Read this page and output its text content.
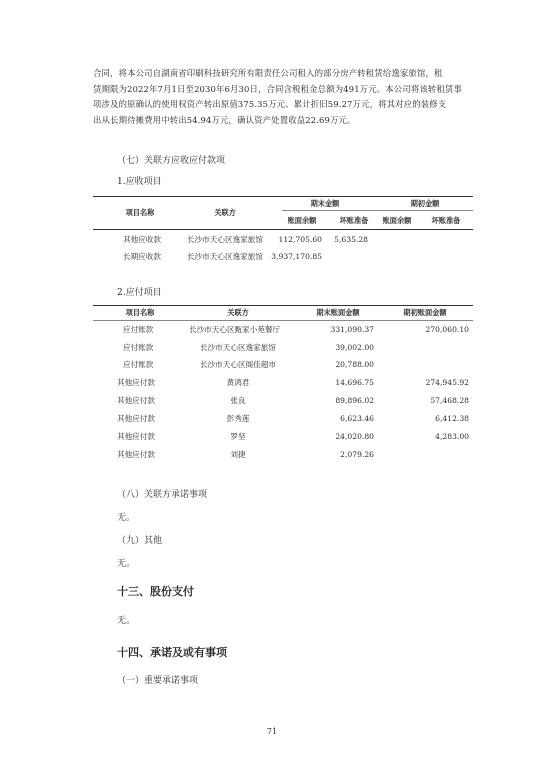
合同，将本公司自湖南省印刷科技研究所有限责任公司租入的部分房产转租赁给逸家旅馆，租
赁期限为2022年7月1日至2030年6月30日，合同含税租金总额为491万元。本公司将该转租赁事
项涉及的原确认的使用权资产转出原值375.35万元、累计折旧59.27万元，将其对应的装修支
出从长期待摊费用中转出54.94万元，确认资产处置收益22.69万元。
（七）关联方应收应付款项
1.应收项目
项目名称	关联方
期末金额	期初金额
账面余额	坏账准备 账面余额	坏账准备
其他应收款	长沙市天心区逸家旅馆	112,705.60	5,635.28
长期应收款	长沙市天心区逸家旅馆 3,937,170.85
2.应付项目
项目名称	关联方	期末账面金额	期初账面金额
应付账款	长沙市天心区甄家小苑餐厅	331,090.37	270,060.10
应付账款	长沙市天心区逸家旅馆	39,002.00
应付账款	长沙市天心区阁佳超市	20,788.00
其他应付款	黄鸿君	14,696.75	274,945.92
其他应付款	张良	89,896.02	57,468.28
其他应付款	彭秀莲	6,623.46	6,412.38
其他应付款	罗坚	24,020.80	4,283.00
其他应付款	刘捷	2,079.26
（八）关联方承诺事项
无。
（九）其他
无。
十三、股份支付
无。
十四、承诺及或有事项
（一）重要承诺事项
71
